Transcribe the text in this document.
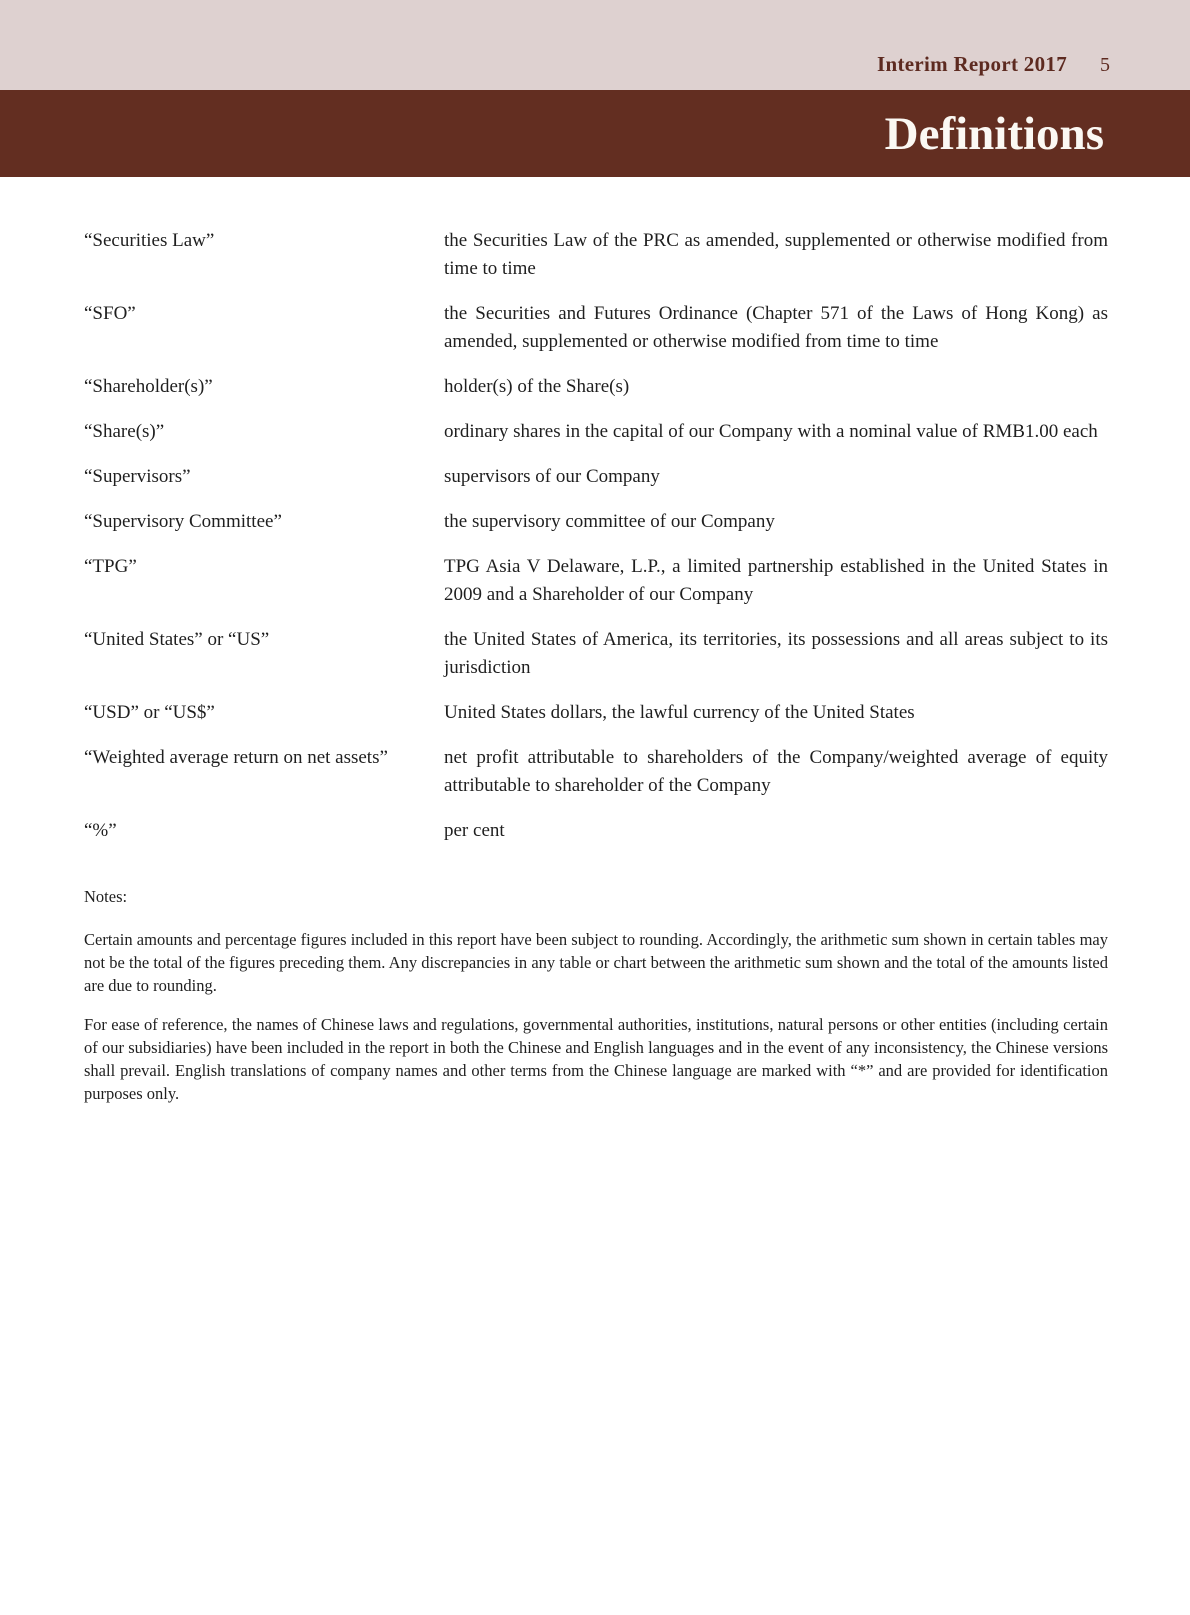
Interim Report 2017 5
Definitions
“Securities Law”	the Securities Law of the PRC as amended, supplemented or otherwise modified from time to time
“SFO”	the Securities and Futures Ordinance (Chapter 571 of the Laws of Hong Kong) as amended, supplemented or otherwise modified from time to time
“Shareholder(s)”	holder(s) of the Share(s)
“Share(s)”	ordinary shares in the capital of our Company with a nominal value of RMB1.00 each
“Supervisors”	supervisors of our Company
“Supervisory Committee”	the supervisory committee of our Company
“TPG”	TPG Asia V Delaware, L.P., a limited partnership established in the United States in 2009 and a Shareholder of our Company
“United States” or “US”	the United States of America, its territories, its possessions and all areas subject to its jurisdiction
“USD” or “US$”	United States dollars, the lawful currency of the United States
“Weighted average return on net assets”	net profit attributable to shareholders of the Company/weighted average of equity attributable to shareholder of the Company
“%”	per cent
Notes:

Certain amounts and percentage figures included in this report have been subject to rounding. Accordingly, the arithmetic sum shown in certain tables may not be the total of the figures preceding them. Any discrepancies in any table or chart between the arithmetic sum shown and the total of the amounts listed are due to rounding.

For ease of reference, the names of Chinese laws and regulations, governmental authorities, institutions, natural persons or other entities (including certain of our subsidiaries) have been included in the report in both the Chinese and English languages and in the event of any inconsistency, the Chinese versions shall prevail. English translations of company names and other terms from the Chinese language are marked with “*” and are provided for identification purposes only.
